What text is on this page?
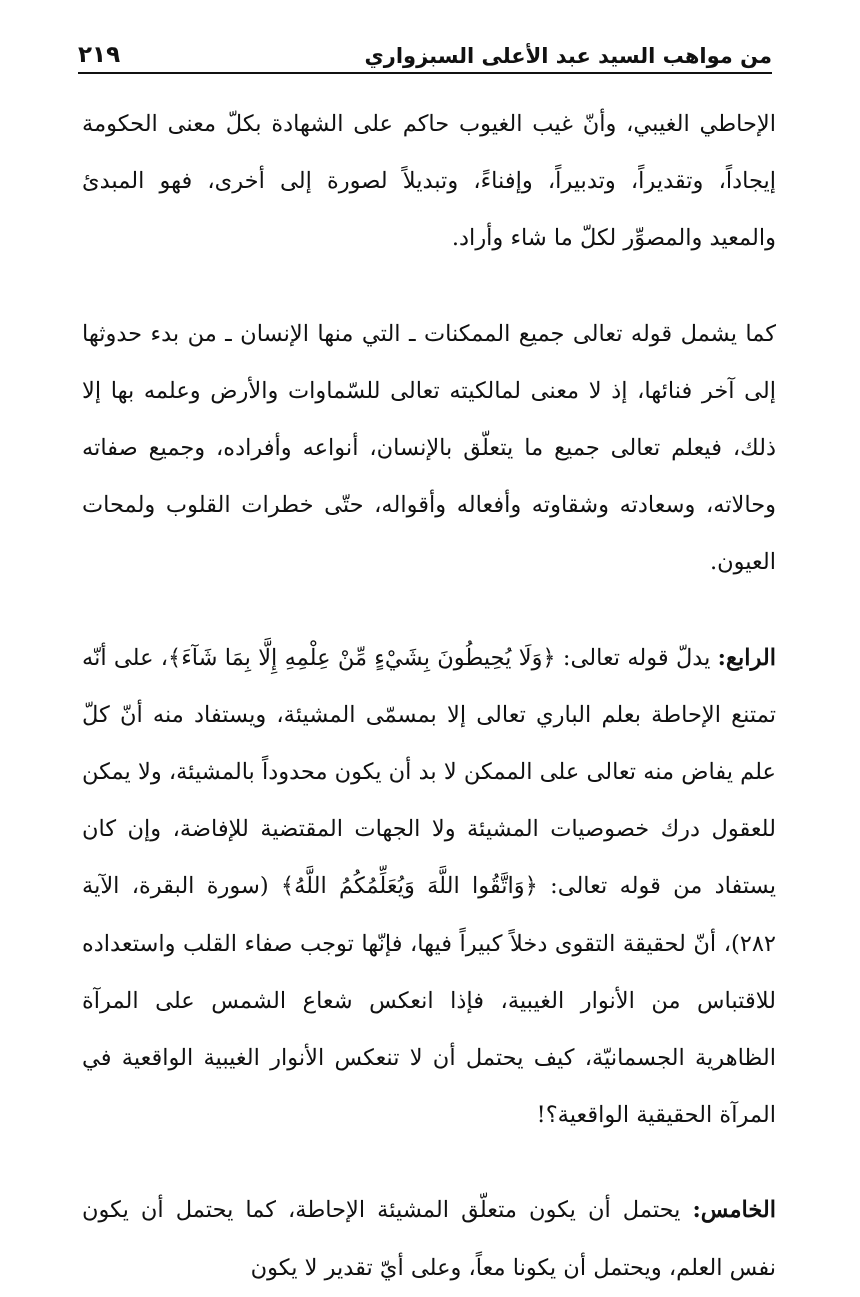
من مواهب السيد عبد الأعلى السبزواري
٢١٩

الإحاطي الغيبي، وأنّ غيب الغيوب حاكم على الشهادة بكلّ معنى الحكومة إيجاداً، وتقديراً، وتدبيراً، وإفناءً، وتبديلاً لصورة إلى أخرى، فهو المبدئ والمعيد والمصوِّر لكلّ ما شاء وأراد.

كما يشمل قوله تعالى جميع الممكنات ـ التي منها الإنسان ـ من بدء حدوثها إلى آخر فنائها، إذ لا معنى لمالكيته تعالى للسّماوات والأرض وعلمه بها إلا ذلك، فيعلم تعالى جميع ما يتعلّق بالإنسان، أنواعه وأفراده، وجميع صفاته وحالاته، وسعادته وشقاوته وأفعاله وأقواله، حتّى خطرات القلوب ولمحات العيون.

الرابع: يدلّ قوله تعالى: ﴿وَلَا يُحِيطُونَ بِشَيْءٍ مِّنْ عِلْمِهِ إِلَّا بِمَا شَآءَ﴾، على أنّه تمتنع الإحاطة بعلم الباري تعالى إلا بمسمّى المشيئة، ويستفاد منه أنّ كلّ علم يفاض منه تعالى على الممكن لا بد أن يكون محدوداً بالمشيئة، ولا يمكن للعقول درك خصوصيات المشيئة ولا الجهات المقتضية للإفاضة، وإن كان يستفاد من قوله تعالى: ﴿وَاتَّقُوا اللَّهَ وَيُعَلِّمُكُمُ اللَّهُ﴾ (سورة البقرة، الآية ٢٨٢)، أنّ لحقيقة التقوى دخلاً كبيراً فيها، فإنّها توجب صفاء القلب واستعداده للاقتباس من الأنوار الغيبية، فإذا انعكس شعاع الشمس على المرآة الظاهرية الجسمانيّة، كيف يحتمل أن لا تنعكس الأنوار الغيبية الواقعية في المرآة الحقيقية الواقعية؟!

الخامس: يحتمل أن يكون متعلّق المشيئة الإحاطة، كما يحتمل أن يكون نفس العلم، ويحتمل أن يكونا معاً، وعلى أيّ تقدير لا يكون
